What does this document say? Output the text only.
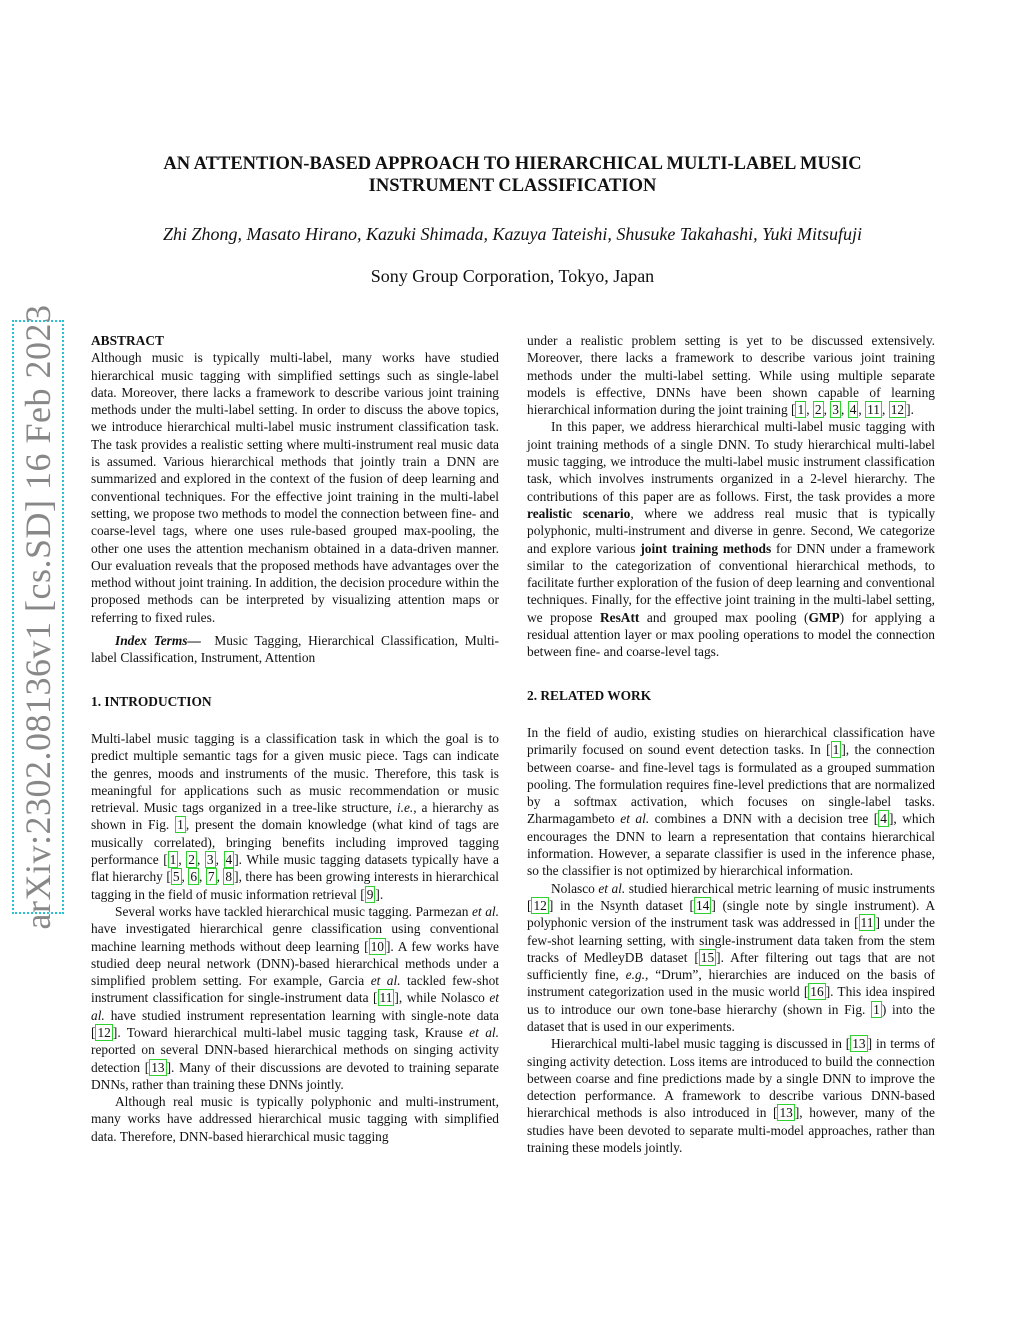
arXiv:2302.08136v1 [cs.SD] 16 Feb 2023
AN ATTENTION-BASED APPROACH TO HIERARCHICAL MULTI-LABEL MUSIC
INSTRUMENT CLASSIFICATION
Zhi Zhong, Masato Hirano, Kazuki Shimada, Kazuya Tateishi, Shusuke Takahashi, Yuki Mitsufuji
Sony Group Corporation, Tokyo, Japan

ABSTRACT

Although music is typically multi-label, many works have studied hierarchical music tagging with simplified settings such as single-label data. Moreover, there lacks a framework to describe various joint training methods under the multi-label setting. In order to discuss the above topics, we introduce hierarchical multi-label music instrument classification task. The task provides a realistic setting where multi-instrument real music data is assumed. Various hierarchical methods that jointly train a DNN are summarized and explored in the context of the fusion of deep learning and conventional techniques. For the effective joint training in the multi-label setting, we propose two methods to model the connection between fine- and coarse-level tags, where one uses rule-based grouped max-pooling, the other one uses the attention mechanism obtained in a data-driven manner. Our evaluation reveals that the proposed methods have advantages over the method without joint training. In addition, the decision procedure within the proposed methods can be interpreted by visualizing attention maps or referring to fixed rules.

Index Terms— Music Tagging, Hierarchical Classification, Multi-label Classification, Instrument, Attention

1. INTRODUCTION

Multi-label music tagging is a classification task in which the goal is to predict multiple semantic tags for a given music piece. Tags can indicate the genres, moods and instruments of the music. Therefore, this task is meaningful for applications such as music recommendation or music retrieval. Music tags organized in a tree-like structure, i.e., a hierarchy as shown in Fig. 1 , present the domain knowledge (what kind of tags are musically correlated), bringing benefits including improved tagging performance [ 1 , 2 , 3 , 4 ]. While music tagging datasets typically have a flat hierarchy [ 5 , 6 , 7 , 8 ], there has been growing interests in hierarchical tagging in the field of music information retrieval [ 9 ].

Several works have tackled hierarchical music tagging. Parmezan et al. have investigated hierarchical genre classification using conventional machine learning methods without deep learning [ 10 ]. A few works have studied deep neural network (DNN)-based hierarchical methods under a simplified problem setting. For example, Garcia et al. tackled few-shot instrument classification for single-instrument data [ 11 ], while Nolasco et al. have studied instrument representation learning with single-note data [ 12 ]. Toward hierarchical multi-label music tagging task, Krause et al. reported on several DNN-based hierarchical methods on singing activity detection [ 13 ]. Many of their discussions are devoted to training separate DNNs, rather than training these DNNs jointly.

Although real music is typically polyphonic and multi-instrument, many works have addressed hierarchical music tagging with simplified data. Therefore, DNN-based hierarchical music tagging

under a realistic problem setting is yet to be discussed extensively. Moreover, there lacks a framework to describe various joint training methods under the multi-label setting. While using multiple separate models is effective, DNNs have been shown capable of learning hierarchical information during the joint training [ 1 , 2 , 3 , 4 , 11 , 12 ].

In this paper, we address hierarchical multi-label music tagging with joint training methods of a single DNN. To study hierarchical multi-label music tagging, we introduce the multi-label music instrument classification task, which involves instruments organized in a 2-level hierarchy. The contributions of this paper are as follows. First, the task provides a more realistic scenario, where we address real music that is typically polyphonic, multi-instrument and diverse in genre. Second, We categorize and explore various joint training methods for DNN under a framework similar to the categorization of conventional hierarchical methods, to facilitate further exploration of the fusion of deep learning and conventional techniques. Finally, for the effective joint training in the multi-label setting, we propose ResAtt and grouped max pooling (GMP) for applying a residual attention layer or max pooling operations to model the connection between fine- and coarse-level tags.

2. RELATED WORK

In the field of audio, existing studies on hierarchical classification have primarily focused on sound event detection tasks. In [ 1 ], the connection between coarse- and fine-level tags is formulated as a grouped summation pooling. The formulation requires fine-level predictions that are normalized by a softmax activation, which focuses on single-label tasks. Zharmagambeto et al. combines a DNN with a decision tree [ 4 ], which encourages the DNN to learn a representation that contains hierarchical information. However, a separate classifier is used in the inference phase, so the classifier is not optimized by hierarchical information.

Nolasco et al. studied hierarchical metric learning of music instruments [ 12 ] in the Nsynth dataset [ 14 ] (single note by single instrument). A polyphonic version of the instrument task was addressed in [ 11 ] under the few-shot learning setting, with single-instrument data taken from the stem tracks of MedleyDB dataset [ 15 ]. After filtering out tags that are not sufficiently fine, e.g., “Drum”, hierarchies are induced on the basis of instrument categorization used in the music world [ 16 ]. This idea inspired us to introduce our own tone-base hierarchy (shown in Fig. 1 ) into the dataset that is used in our experiments.

Hierarchical multi-label music tagging is discussed in [ 13 ] in terms of singing activity detection. Loss items are introduced to build the connection between coarse and fine predictions made by a single DNN to improve the detection performance. A framework to describe various DNN-based hierarchical methods is also introduced in [ 13 ], however, many of the studies have been devoted to separate multi-model approaches, rather than training these models jointly.
